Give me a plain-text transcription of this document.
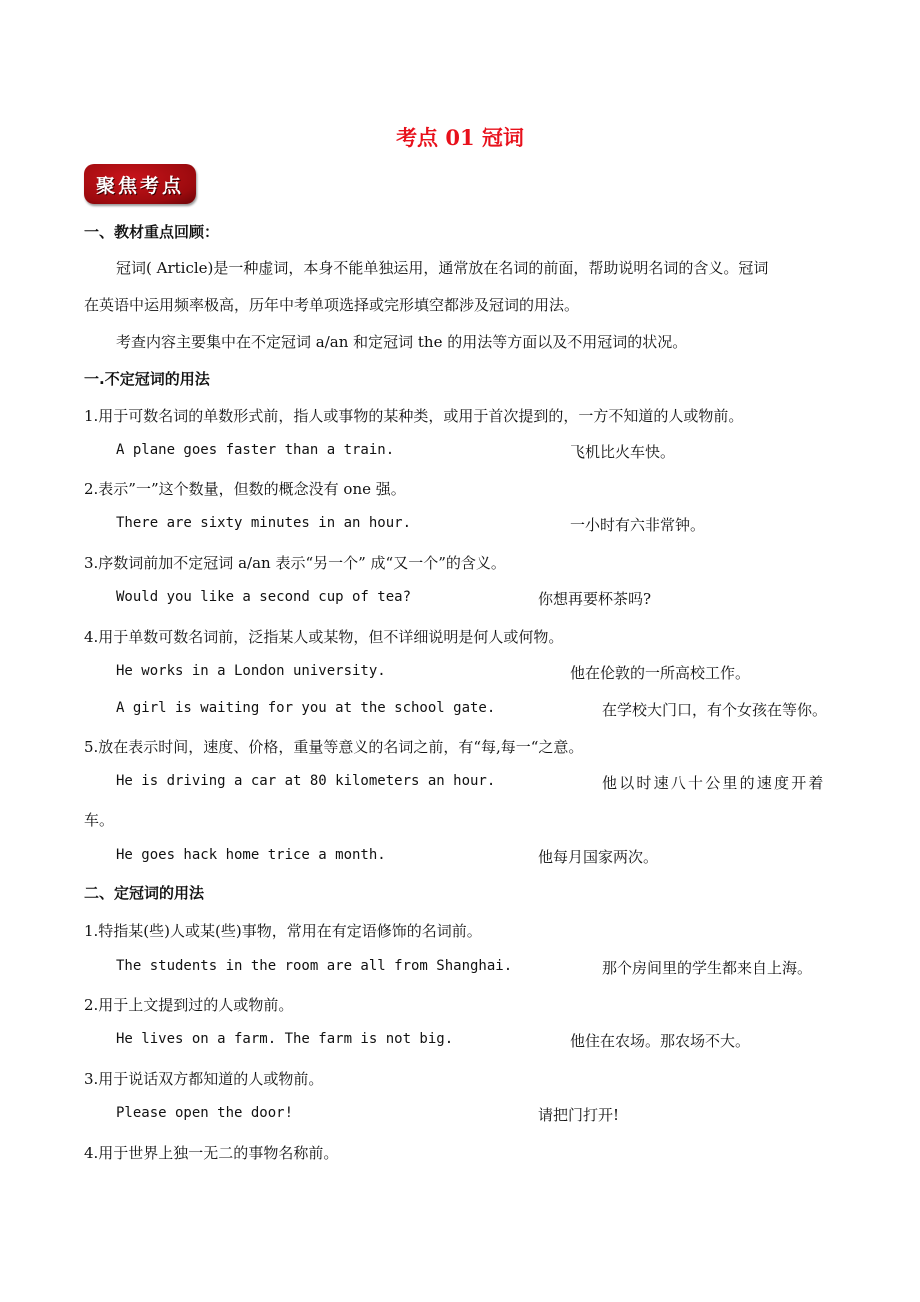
考点 01 冠词
聚焦考点
一、教材重点回顾：
冠词( Article)是一种虚词，本身不能单独运用，通常放在名词的前面，帮助说明名词的含义。冠词
在英语中运用频率极高，历年中考单项选择或完形填空都涉及冠词的用法。
考查内容主要集中在不定冠词 a/an 和定冠词 the 的用法等方面以及不用冠词的状况。
一.不定冠词的用法
1.用于可数名词的单数形式前，指人或事物的某种类，或用于首次提到的，一方不知道的人或物前。
A plane goes faster than a train.	飞机比火车快。
2.表示”一”这个数量，但数的概念没有 one 强。
There are sixty minutes in an hour.	一小时有六非常钟。
3.序数词前加不定冠词 a/an 表示“另一个” 成“又一个”的含义。
Would you like a second cup of tea?	你想再要杯茶吗?
4.用于单数可数名词前，泛指某人或某物，但不详细说明是何人或何物。
He works in a London university.	他在伦敦的一所高校工作。
A girl is waiting for you at the school gate.	在学校大门口，有个女孩在等你。
5.放在表示时间，速度、价格，重量等意义的名词之前，有“每,每一“之意。
He is driving a car at 80 kilometers an hour.	他以时速八十公里的速度开着
车。
He goes hack home trice a month.	他每月国家两次。
二、定冠词的用法
1.特指某(些)人或某(些)事物，常用在有定语修饰的名词前。
The students in the room are all from Shanghai.	那个房间里的学生都来自上海。
2.用于上文提到过的人或物前。
He lives on a farm. The farm is not big.	他住在农场。那农场不大。
3.用于说话双方都知道的人或物前。
Please open the door!	请把门打开!
4.用于世界上独一无二的事物名称前。
